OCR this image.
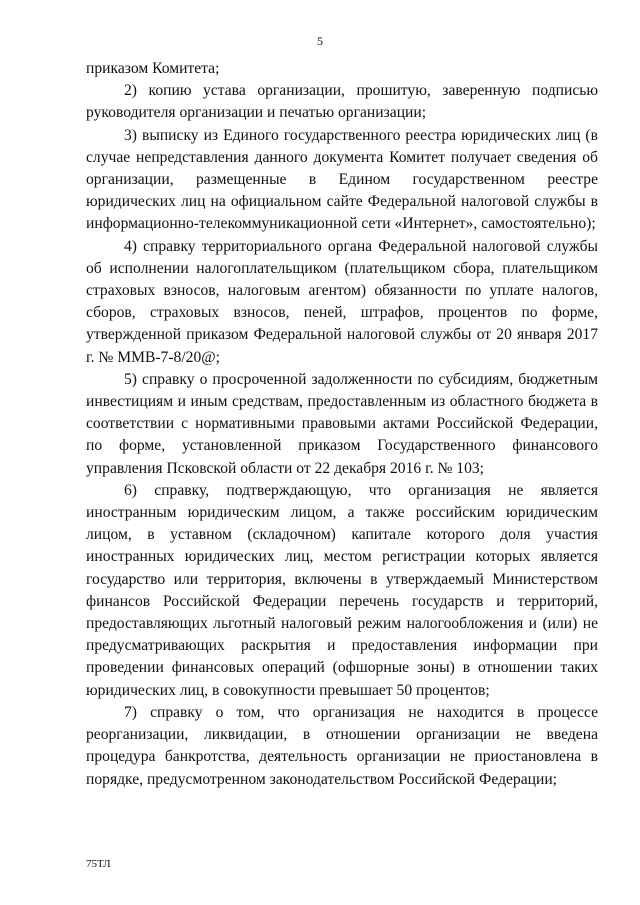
5

приказом Комитета;

2) копию устава организации, прошитую, заверенную подписью руководителя организации и печатью организации;

3) выписку из Единого государственного реестра юридических лиц (в случае непредставления данного документа Комитет получает сведения об организации, размещенные в Едином государственном реестре юридических лиц на официальном сайте Федеральной налоговой службы в информационно-телекоммуникационной сети «Интернет», самостоятельно);

4) справку территориального органа Федеральной налоговой службы об исполнении налогоплательщиком (плательщиком сбора, плательщиком страховых взносов, налоговым агентом) обязанности по уплате налогов, сборов, страховых взносов, пеней, штрафов, процентов по форме, утвержденной приказом Федеральной налоговой службы от 20 января 2017 г. № ММВ-7-8/20@;

5) справку о просроченной задолженности по субсидиям, бюджетным инвестициям и иным средствам, предоставленным из областного бюджета в соответствии с нормативными правовыми актами Российской Федерации, по форме, установленной приказом Государственного финансового управления Псковской области от 22 декабря 2016 г. № 103;

6) справку, подтверждающую, что организация не является иностранным юридическим лицом, а также российским юридическим лицом, в уставном (складочном) капитале которого доля участия иностранных юридических лиц, местом регистрации которых является государство или территория, включены в утверждаемый Министерством финансов Российской Федерации перечень государств и территорий, предоставляющих льготный налоговый режим налогообложения и (или) не предусматривающих раскрытия и предоставления информации при проведении финансовых операций (офшорные зоны) в отношении таких юридических лиц, в совокупности превышает 50 процентов;

7) справку о том, что организация не находится в процессе реорганизации, ликвидации, в отношении организации не введена процедура банкротства, деятельность организации не приостановлена в порядке, предусмотренном законодательством Российской Федерации;

75ТЛ
